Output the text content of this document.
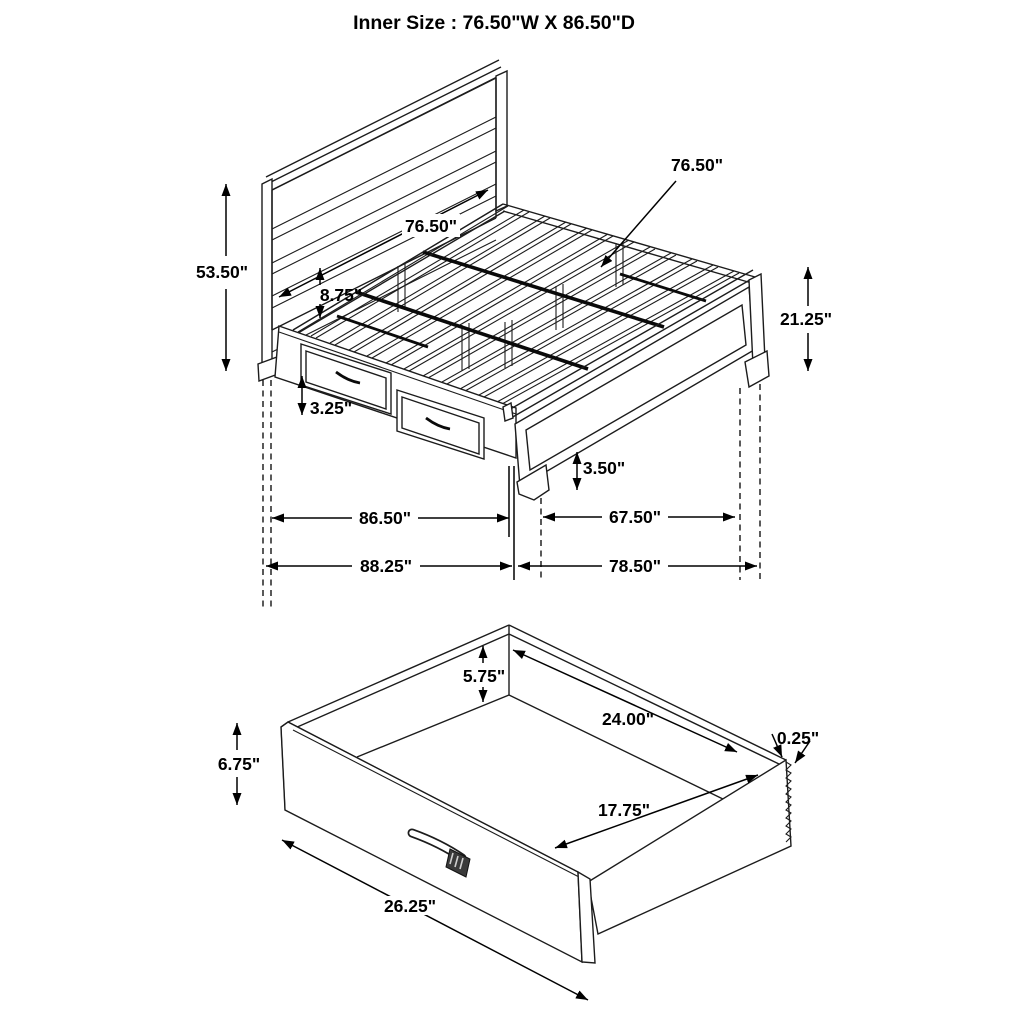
Inner Size : 76.50"W X 86.50"D
53.50"
76.50"
8.75"
76.50"
21.25"
3.25"
3.50"
86.50"	67.50"
88.25"	78.50"
5.75"
24.00"
17.75"
0.25"
6.75"
26.25"
